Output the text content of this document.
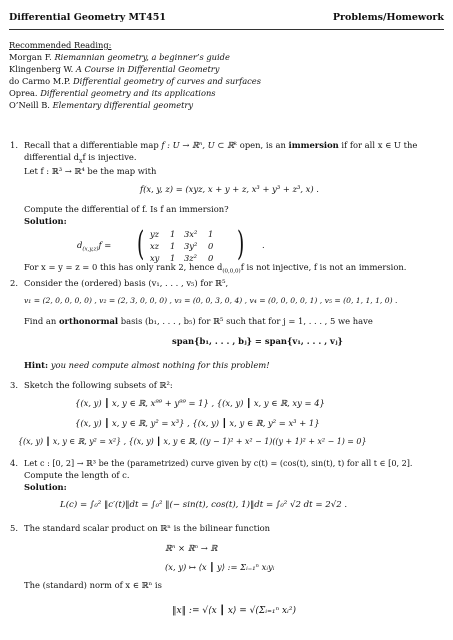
Differential Geometry MT451	Problems/Homework
Recommended Reading:
Morgan F. Riemannian geometry, a beginner’s guide
Klingenberg W. A Course in Differential Geometry
do Carmo M.P. Differential geometry of curves and surfaces
Oprea. Differential geometry and its applications
O’Neill B. Elementary differential geometry
1. Recall that a differentiable map f : U → ℝⁿ, U ⊂ ℝᵏ open, is an immersion if for all x ∈ U the
differential $d_xf$ is injective.
Let f : ℝ³ → ℝ⁴ be the map with
f(x, y, z) = (xyz, x + y + z, x³ + y³ + z³, x) .
Compute the differential of f. Is f an immersion?
Solution:
$d_{(x,y,z)}f$ = (	)
yz 1 3x² 1
xz 1 3y² 0
xy 1 3z² 0
.
For x = y = z = 0 this has only rank 2, hence $d_{(0,0,0)}f$ is not injective, f is not an immersion.
2. Consider the (ordered) basis (v₁, . . . , v₅) for ℝ⁵,
v₁ = (2, 0, 0, 0, 0) , v₂ = (2, 3, 0, 0, 0) , v₃ = (0, 0, 3, 0, 4) , v₄ = (0, 0, 0, 0, 1) , v₅ = (0, 1, 1, 1, 0) .
Find an orthonormal basis (b₁, . . . , b₅) for ℝ⁵ such that for j = 1, . . . , 5 we have
span{b₁, . . . , bⱼ} = span{v₁, . . . , vⱼ}
Hint: you need compute almost nothing for this problem!
3. Sketch the following subsets of ℝ²:
{(x, y) ┃ x, y ∈ ℝ, x⁹⁹ + y⁹⁹ = 1} , {(x, y) ┃ x, y ∈ ℝ, xy = 4}
{(x, y) ┃ x, y ∈ ℝ, y² = x³} , {(x, y) ┃ x, y ∈ ℝ, y² = x³ + 1}
{(x, y) ┃ x, y ∈ ℝ, y² = x²} , {(x, y) ┃ x, y ∈ ℝ, ((y − 1)² + x² − 1)((y + 1)² + x² − 1) = 0}
4. Let c : [0, 2] → ℝ³ be the (parametrized) curve given by c(t) = (cos(t), sin(t), t) for all t ∈ [0, 2].
Compute the length of c.
Solution:
L(c) = ∫₀² ‖c′(t)‖dt = ∫₀² ‖(− sin(t), cos(t), 1)‖dt = ∫₀² √2 dt = 2√2 .
5. The standard scalar product on ℝⁿ is the bilinear function
ℝⁿ × ℝⁿ → ℝ
(x, y) ↦ ⟨x ┃ y⟩ := Σᵢ₌₁ⁿ xᵢyᵢ
The (standard) norm of x ∈ ℝⁿ is
‖x‖ := √⟨x ┃ x⟩ = √(Σᵢ₌₁ⁿ xᵢ²)
